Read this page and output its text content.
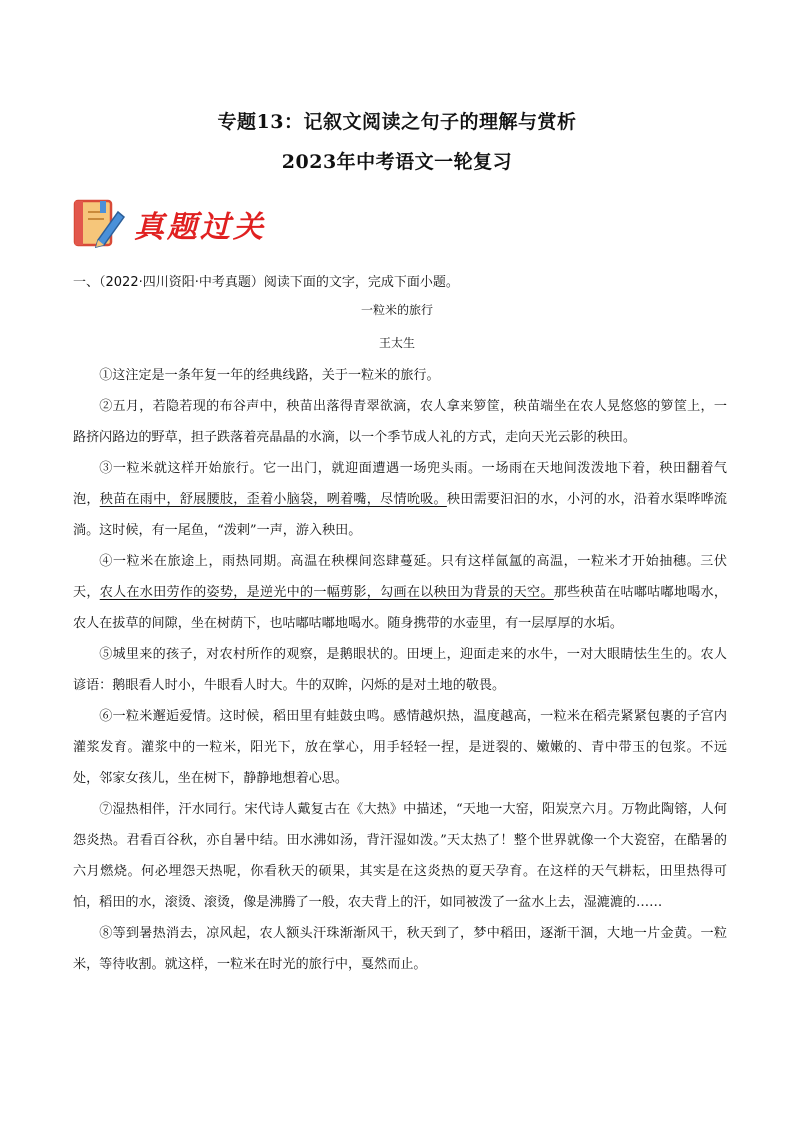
专题13：记叙文阅读之句子的理解与赏析
2023年中考语文一轮复习
真题过关
一、（2022·四川资阳·中考真题）阅读下面的文字，完成下面小题。
一粒米的旅行
王太生

①这注定是一条年复一年的经典线路，关于一粒米的旅行。

②五月，若隐若现的布谷声中，秧苗出落得青翠欲滴，农人拿来箩筐，秧苗端坐在农人晃悠悠的箩筐上，一路挤闪路边的野草，担子跌落着亮晶晶的水滴，以一个季节成人礼的方式，走向天光云影的秧田。

③一粒米就这样开始旅行。它一出门，就迎面遭遇一场兜头雨。一场雨在天地间泼泼地下着，秧田翻着气泡，秧苗在雨中，舒展腰肢，歪着小脑袋，咧着嘴，尽情吮吸。秧田需要汩汩的水，小河的水，沿着水渠哗哗流淌。这时候，有一尾鱼，“泼剌”一声，游入秧田。

④一粒米在旅途上，雨热同期。高温在秧棵间恣肆蔓延。只有这样氤氲的高温，一粒米才开始抽穗。三伏天，农人在水田劳作的姿势，是逆光中的一幅剪影，勾画在以秧田为背景的天空。那些秧苗在咕嘟咕嘟地喝水，农人在拔草的间隙，坐在树荫下，也咕嘟咕嘟地喝水。随身携带的水壶里，有一层厚厚的水垢。

⑤城里来的孩子，对农村所作的观察，是鹅眼状的。田埂上，迎面走来的水牛，一对大眼睛怯生生的。农人谚语：鹅眼看人时小，牛眼看人时大。牛的双眸，闪烁的是对土地的敬畏。

⑥一粒米邂逅爱情。这时候，稻田里有蛙鼓虫鸣。感情越炽热，温度越高，一粒米在稻壳紧紧包裹的子宫内灌浆发育。灌浆中的一粒米，阳光下，放在掌心，用手轻轻一捏，是迸裂的、嫩嫩的、青中带玉的包浆。不远处，邻家女孩儿，坐在树下，静静地想着心思。

⑦湿热相伴，汗水同行。宋代诗人戴复古在《大热》中描述，“天地一大窑，阳炭烹六月。万物此陶镕，人何怨炎热。君看百谷秋，亦自暑中结。田水沸如汤，背汗湿如泼。”天太热了！整个世界就像一个大瓷窑，在酷暑的六月燃烧。何必埋怨天热呢，你看秋天的硕果，其实是在这炎热的夏天孕育。在这样的天气耕耘，田里热得可怕，稻田的水，滚烫、滚烫，像是沸腾了一般，农夫背上的汗，如同被泼了一盆水上去，湿漉漉的……

⑧等到暑热消去，凉风起，农人额头汗珠渐渐风干，秋天到了，梦中稻田，逐渐干涸，大地一片金黄。一粒米，等待收割。就这样，一粒米在时光的旅行中，戛然而止。
